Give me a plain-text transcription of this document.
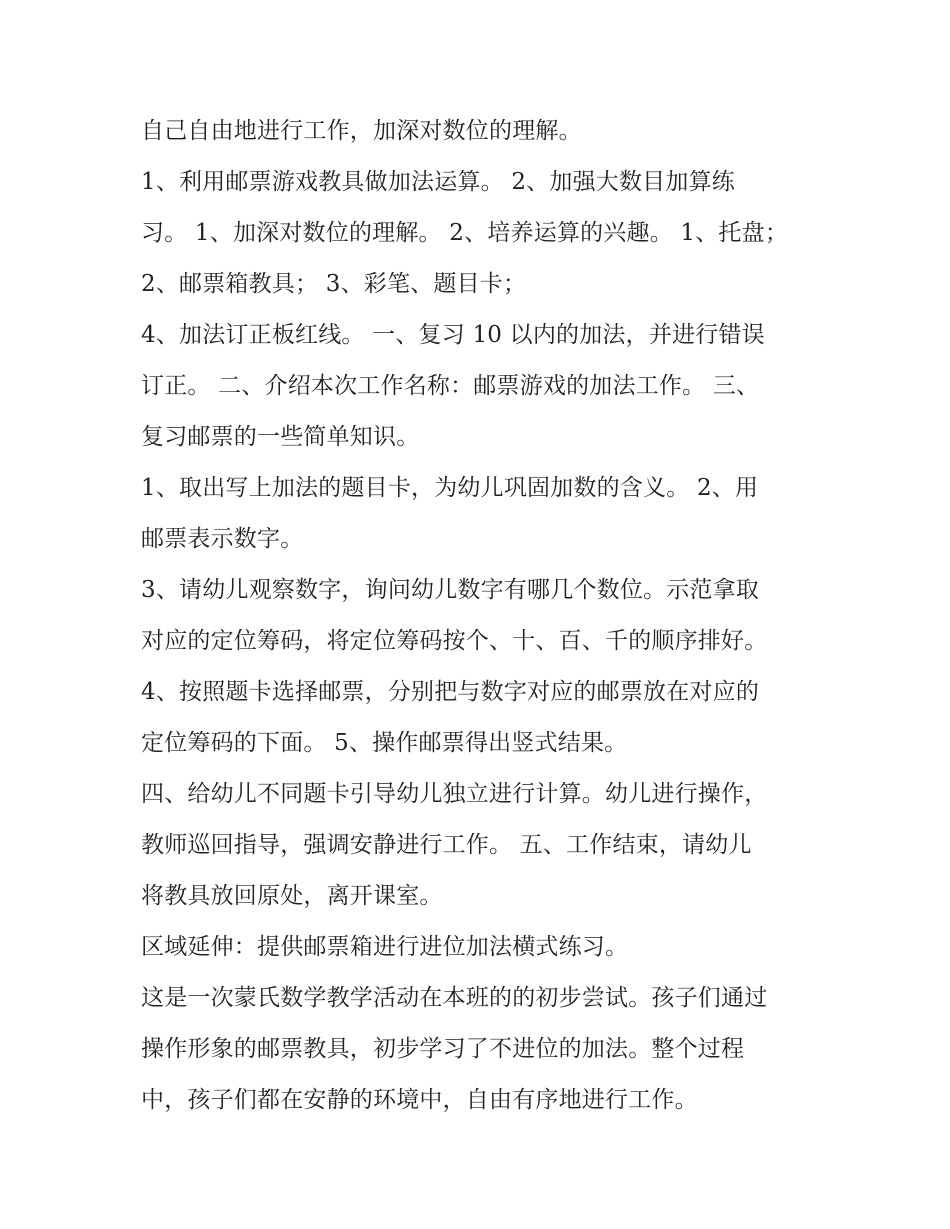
自己自由地进行工作，加深对数位的理解。
1、利用邮票游戏教具做加法运算。 2、加强大数目加算练
习。 1、加深对数位的理解。 2、培养运算的兴趣。 1、托盘；
2、邮票箱教具； 3、彩笔、题目卡；
4、加法订正板红线。 一、复习 10 以内的加法，并进行错误
订正。 二、介绍本次工作名称：邮票游戏的加法工作。 三、
复习邮票的一些简单知识。
1、取出写上加法的题目卡，为幼儿巩固加数的含义。 2、用
邮票表示数字。
3、请幼儿观察数字，询问幼儿数字有哪几个数位。示范拿取
对应的定位筹码，将定位筹码按个、十、百、千的顺序排好。
4、按照题卡选择邮票，分别把与数字对应的邮票放在对应的
定位筹码的下面。 5、操作邮票得出竖式结果。
四、给幼儿不同题卡引导幼儿独立进行计算。幼儿进行操作，
教师巡回指导，强调安静进行工作。 五、工作结束，请幼儿
将教具放回原处，离开课室。
区域延伸：提供邮票箱进行进位加法横式练习。
这是一次蒙氏数学教学活动在本班的的初步尝试。孩子们通过
操作形象的邮票教具，初步学习了不进位的加法。整个过程
中，孩子们都在安静的环境中，自由有序地进行工作。
